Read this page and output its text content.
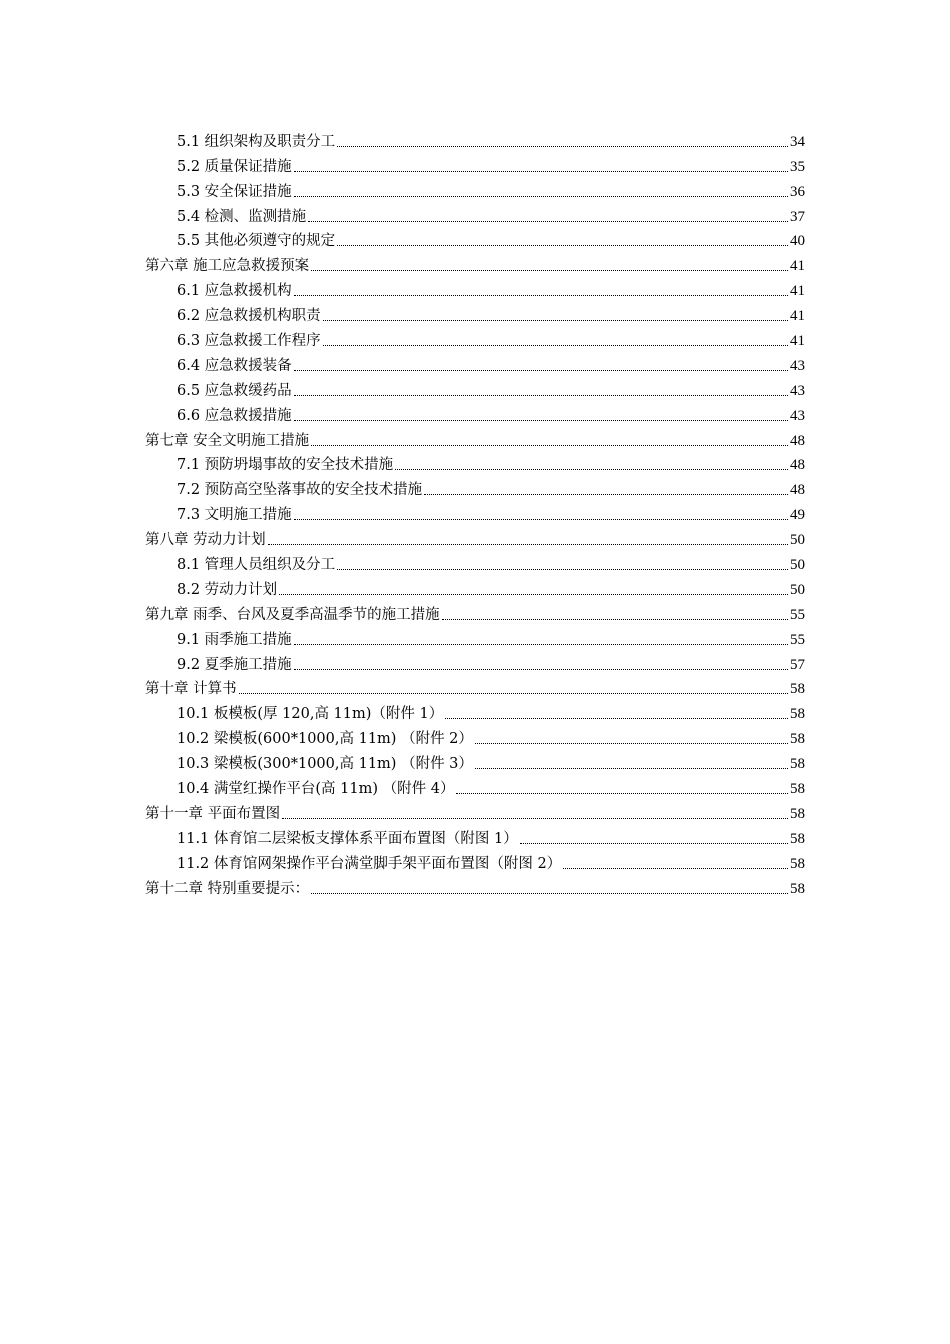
5.1 组织架构及职责分工	34
5.2 质量保证措施	35
5.3 安全保证措施	36
5.4 检测、监测措施	37
5.5 其他必须遵守的规定	40
第六章 施工应急救援预案	41
6.1 应急救援机构	41
6.2 应急救援机构职责	41
6.3 应急救援工作程序	41
6.4 应急救援装备	43
6.5 应急救缓药品	43
6.6 应急救援措施	43
第七章 安全文明施工措施	48
7.1 预防坍塌事故的安全技术措施	48
7.2 预防高空坠落事故的安全技术措施	48
7.3 文明施工措施	49
第八章 劳动力计划	50
8.1 管理人员组织及分工	50
8.2 劳动力计划	50
第九章 雨季、台风及夏季高温季节的施工措施	55
9.1 雨季施工措施	55
9.2 夏季施工措施	57
第十章 计算书	58
10.1 板模板(厚 120,高 11m)（附件 1）	58
10.2 梁模板(600*1000,高 11m) （附件 2）	58
10.3 梁模板(300*1000,高 11m) （附件 3）	58
10.4 满堂红操作平台(高 11m) （附件 4）	58
第十一章 平面布置图	58
11.1 体育馆二层梁板支撑体系平面布置图（附图 1）	58
11.2 体育馆网架操作平台满堂脚手架平面布置图（附图 2）	58
第十二章 特别重要提示：	58
